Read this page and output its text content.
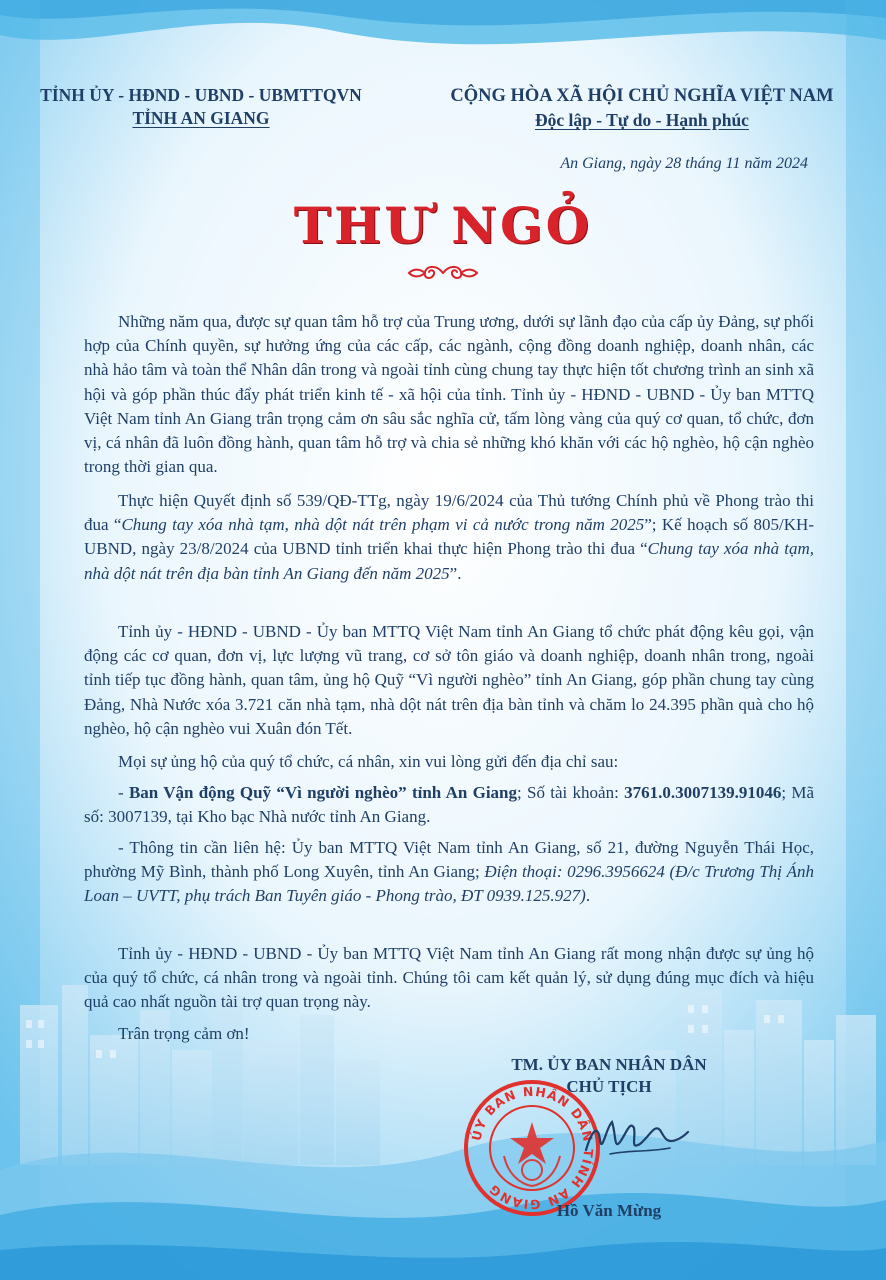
TỈNH ỦY - HĐND - UBND - UBMTTQVN
TỈNH AN GIANG
CỘNG HÒA XÃ HỘI CHỦ NGHĨA VIỆT NAM
Độc lập - Tự do - Hạnh phúc
An Giang, ngày 28 tháng 11 năm 2024
THƯ NGỎ

Những năm qua, được sự quan tâm hỗ trợ của Trung ương, dưới sự lãnh đạo của cấp ủy Đảng, sự phối hợp của Chính quyền, sự hưởng ứng của các cấp, các ngành, cộng đồng doanh nghiệp, doanh nhân, các nhà hảo tâm và toàn thể Nhân dân trong và ngoài tỉnh cùng chung tay thực hiện tốt chương trình an sinh xã hội và góp phần thúc đẩy phát triển kinh tế - xã hội của tỉnh. Tỉnh ủy - HĐND - UBND - Ủy ban MTTQ Việt Nam tỉnh An Giang trân trọng cảm ơn sâu sắc nghĩa cử, tấm lòng vàng của quý cơ quan, tổ chức, đơn vị, cá nhân đã luôn đồng hành, quan tâm hỗ trợ và chia sẻ những khó khăn với các hộ nghèo, hộ cận nghèo trong thời gian qua.

Thực hiện Quyết định số 539/QĐ-TTg, ngày 19/6/2024 của Thủ tướng Chính phủ về Phong trào thi đua “Chung tay xóa nhà tạm, nhà dột nát trên phạm vi cả nước trong năm 2025”; Kế hoạch số 805/KH- UBND, ngày 23/8/2024 của UBND tỉnh triển khai thực hiện Phong trào thi đua “Chung tay xóa nhà tạm, nhà dột nát trên địa bàn tỉnh An Giang đến năm 2025”.

Tỉnh ủy - HĐND - UBND - Ủy ban MTTQ Việt Nam tỉnh An Giang tổ chức phát động kêu gọi, vận động các cơ quan, đơn vị, lực lượng vũ trang, cơ sở tôn giáo và doanh nghiệp, doanh nhân trong, ngoài tỉnh tiếp tục đồng hành, quan tâm, ủng hộ Quỹ “Vì người nghèo” tỉnh An Giang, góp phần chung tay cùng Đảng, Nhà Nước xóa 3.721 căn nhà tạm, nhà dột nát trên địa bàn tỉnh và chăm lo 24.395 phần quà cho hộ nghèo, hộ cận nghèo vui Xuân đón Tết.

Mọi sự ủng hộ của quý tổ chức, cá nhân, xin vui lòng gửi đến địa chỉ sau:

- Ban Vận động Quỹ “Vì người nghèo” tỉnh An Giang; Số tài khoản: 3761.0.3007139.91046; Mã số: 3007139, tại Kho bạc Nhà nước tỉnh An Giang.

- Thông tin cần liên hệ: Ủy ban MTTQ Việt Nam tỉnh An Giang, số 21, đường Nguyễn Thái Học, phường Mỹ Bình, thành phố Long Xuyên, tỉnh An Giang; Điện thoại: 0296.3956624 (Đ/c Trương Thị Ánh Loan – UVTT, phụ trách Ban Tuyên giáo - Phong trào, ĐT 0939.125.927).

Tỉnh ủy - HĐND - UBND - Ủy ban MTTQ Việt Nam tỉnh An Giang rất mong nhận được sự ủng hộ của quý tổ chức, cá nhân trong và ngoài tỉnh. Chúng tôi cam kết quản lý, sử dụng đúng mục đích và hiệu quả cao nhất nguồn tài trợ quan trọng này.

Trân trọng cảm ơn!

TM. ỦY BAN NHÂN DÂN
CHỦ TỊCH
ỦY BAN NHÂN DÂN TỈNH AN GIANG
Hồ Văn Mừng
